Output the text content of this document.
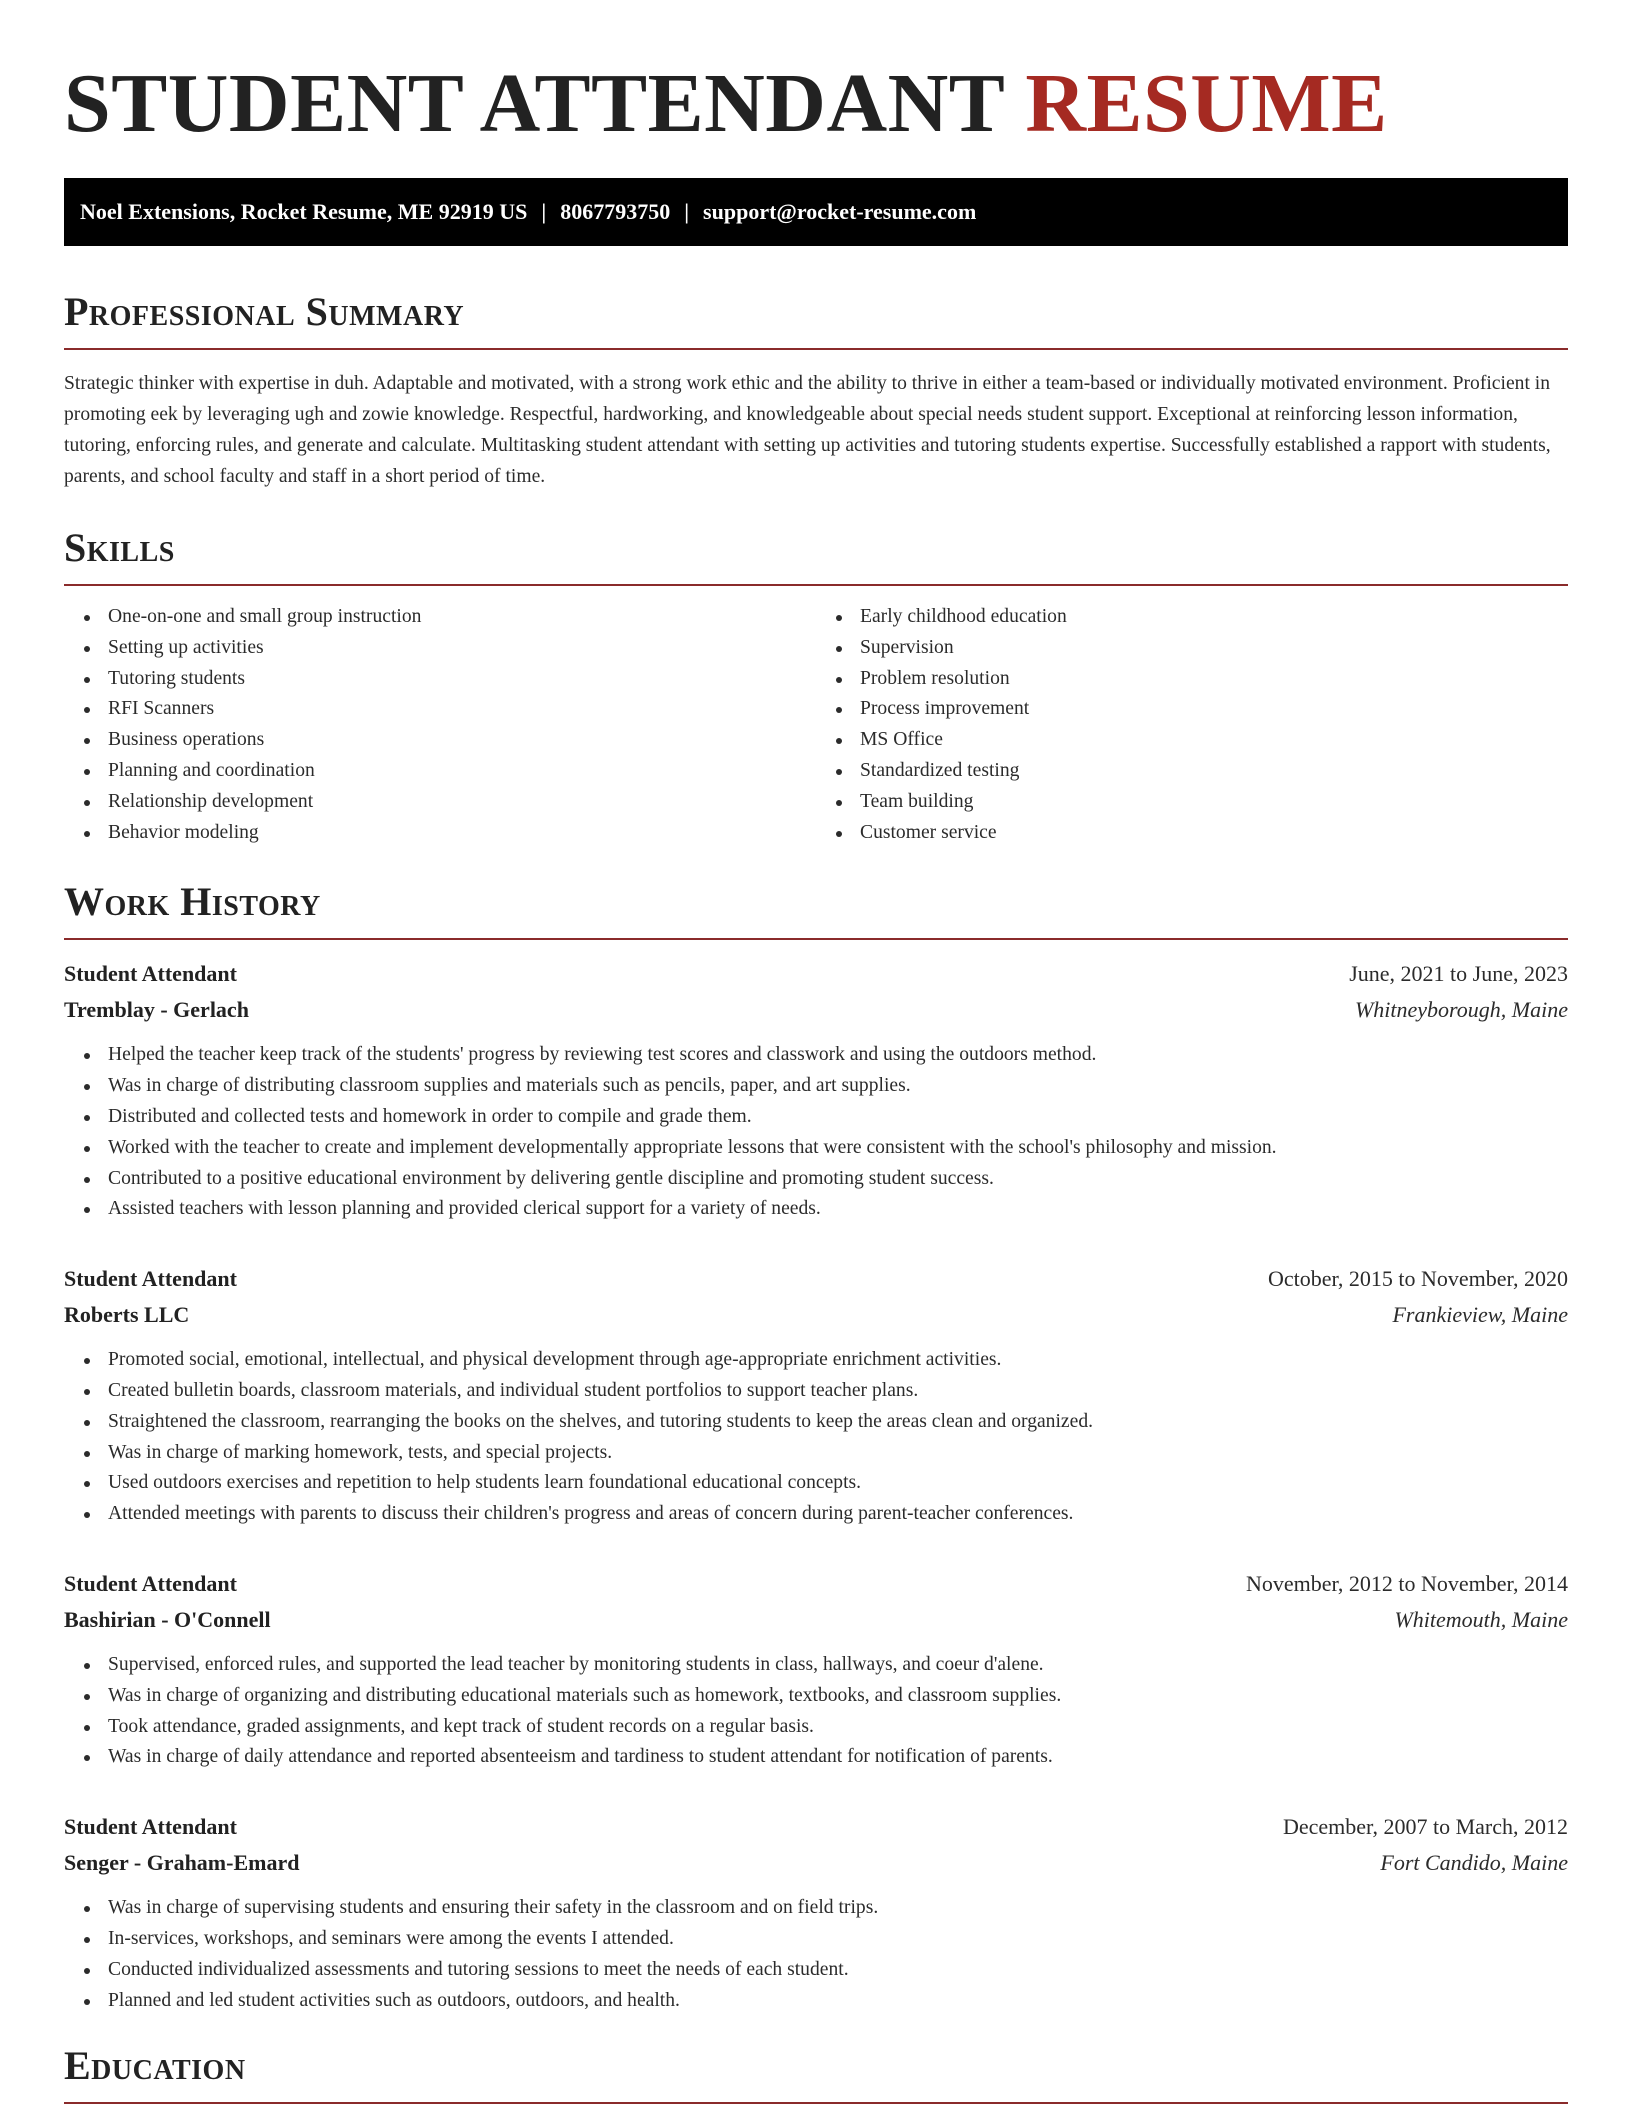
STUDENT ATTENDANT RESUME
Noel Extensions, Rocket Resume, ME 92919 US | 8067793750 | support@rocket-resume.com
Professional Summary

Strategic thinker with expertise in duh. Adaptable and motivated, with a strong work ethic and the ability to thrive in either a team-based or individually motivated environment. Proficient in promoting eek by leveraging ugh and zowie knowledge. Respectful, hardworking, and knowledgeable about special needs student support. Exceptional at reinforcing lesson information, tutoring, enforcing rules, and generate and calculate. Multitasking student attendant with setting up activities and tutoring students expertise. Successfully established a rapport with students, parents, and school faculty and staff in a short period of time.

Skills
One-on-one and small group instruction
Setting up activities
Tutoring students
RFI Scanners
Business operations
Planning and coordination
Relationship development
Behavior modeling
Early childhood education
Supervision
Problem resolution
Process improvement
MS Office
Standardized testing
Team building
Customer service
Work History
Student Attendant	June, 2021 to June, 2023
Tremblay - Gerlach	Whitneyborough, Maine
Helped the teacher keep track of the students' progress by reviewing test scores and classwork and using the outdoors method.
Was in charge of distributing classroom supplies and materials such as pencils, paper, and art supplies.
Distributed and collected tests and homework in order to compile and grade them.
Worked with the teacher to create and implement developmentally appropriate lessons that were consistent with the school's philosophy and mission.
Contributed to a positive educational environment by delivering gentle discipline and promoting student success.
Assisted teachers with lesson planning and provided clerical support for a variety of needs.
Student Attendant	October, 2015 to November, 2020
Roberts LLC	Frankieview, Maine
Promoted social, emotional, intellectual, and physical development through age-appropriate enrichment activities.
Created bulletin boards, classroom materials, and individual student portfolios to support teacher plans.
Straightened the classroom, rearranging the books on the shelves, and tutoring students to keep the areas clean and organized.
Was in charge of marking homework, tests, and special projects.
Used outdoors exercises and repetition to help students learn foundational educational concepts.
Attended meetings with parents to discuss their children's progress and areas of concern during parent-teacher conferences.
Student Attendant	November, 2012 to November, 2014
Bashirian - O'Connell	Whitemouth, Maine
Supervised, enforced rules, and supported the lead teacher by monitoring students in class, hallways, and coeur d'alene.
Was in charge of organizing and distributing educational materials such as homework, textbooks, and classroom supplies.
Took attendance, graded assignments, and kept track of student records on a regular basis.
Was in charge of daily attendance and reported absenteeism and tardiness to student attendant for notification of parents.
Student Attendant	December, 2007 to March, 2012
Senger - Graham-Emard	Fort Candido, Maine
Was in charge of supervising students and ensuring their safety in the classroom and on field trips.
In-services, workshops, and seminars were among the events I attended.
Conducted individualized assessments and tutoring sessions to meet the needs of each student.
Planned and led student activities such as outdoors, outdoors, and health.
Education
